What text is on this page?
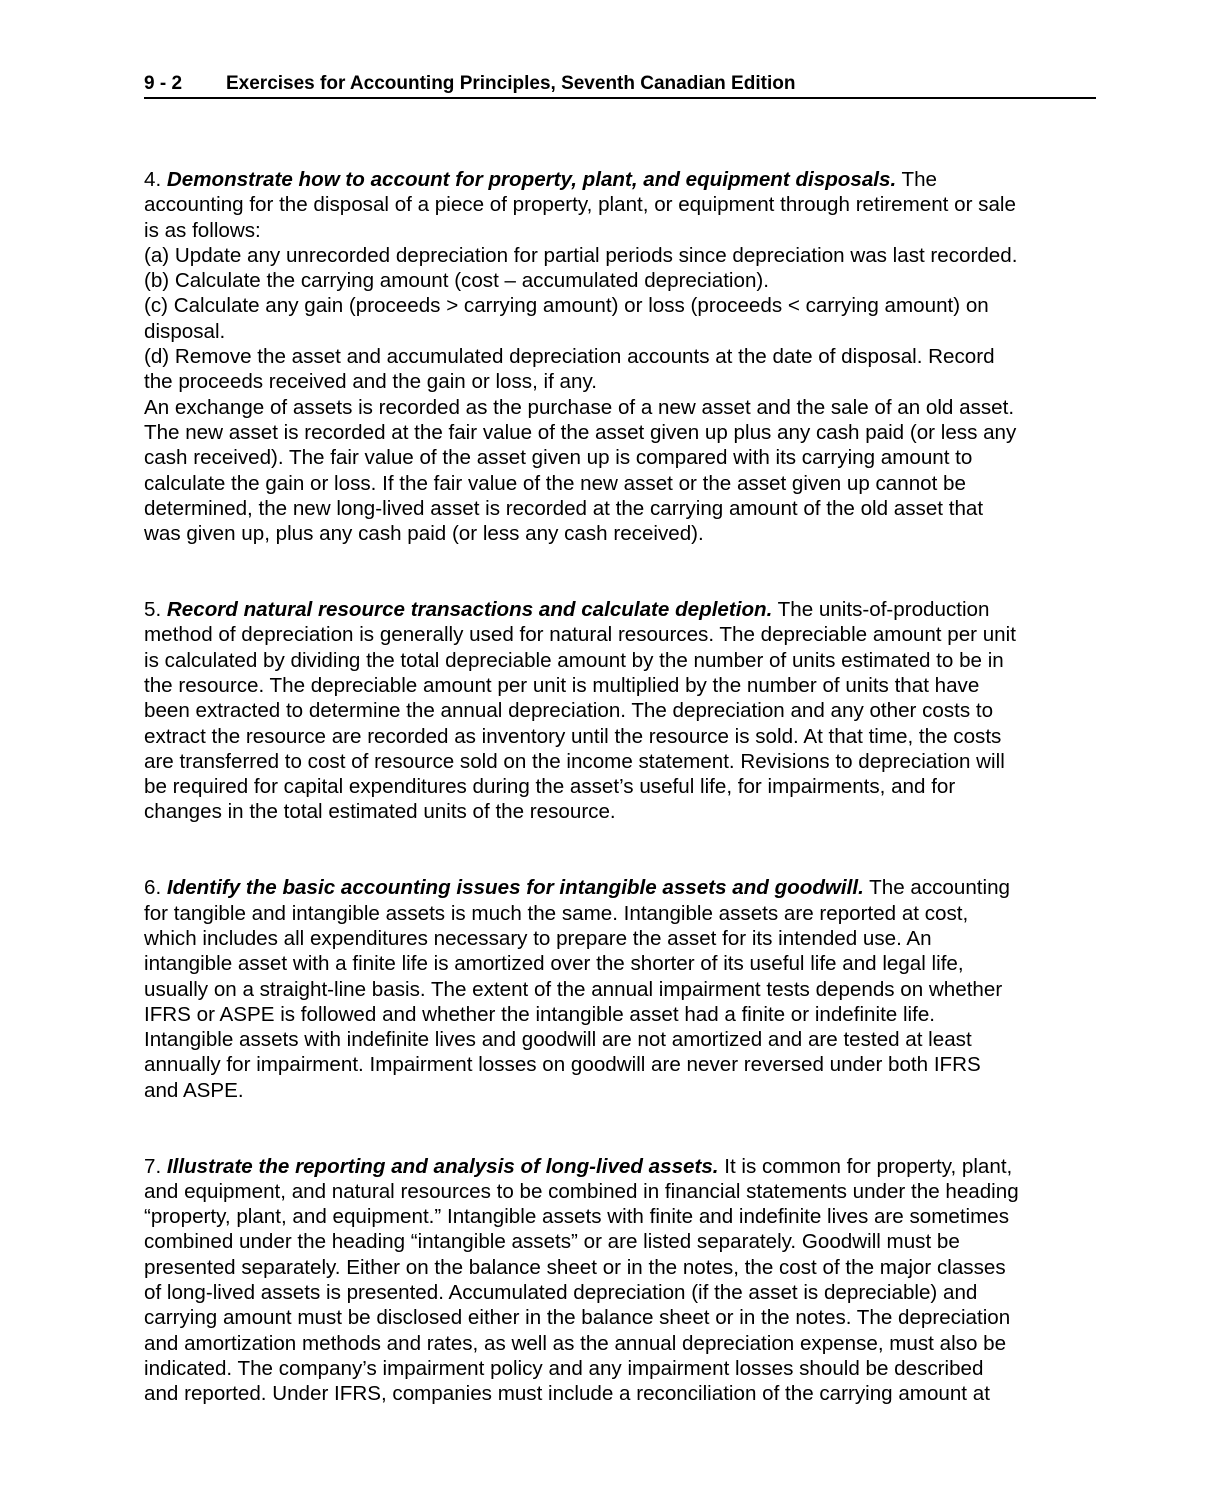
9 - 2 Exercises for Accounting Principles, Seventh Canadian Edition
4. Demonstrate how to account for property, plant, and equipment disposals. The
accounting for the disposal of a piece of property, plant, or equipment through retirement or sale
is as follows:
(a) Update any unrecorded depreciation for partial periods since depreciation was last recorded.
(b) Calculate the carrying amount (cost – accumulated depreciation).
(c) Calculate any gain (proceeds > carrying amount) or loss (proceeds < carrying amount) on
disposal.
(d) Remove the asset and accumulated depreciation accounts at the date of disposal. Record
the proceeds received and the gain or loss, if any.
An exchange of assets is recorded as the purchase of a new asset and the sale of an old asset.
The new asset is recorded at the fair value of the asset given up plus any cash paid (or less any
cash received). The fair value of the asset given up is compared with its carrying amount to
calculate the gain or loss. If the fair value of the new asset or the asset given up cannot be
determined, the new long-lived asset is recorded at the carrying amount of the old asset that
was given up, plus any cash paid (or less any cash received).
5. Record natural resource transactions and calculate depletion. The units-of-production
method of depreciation is generally used for natural resources. The depreciable amount per unit
is calculated by dividing the total depreciable amount by the number of units estimated to be in
the resource. The depreciable amount per unit is multiplied by the number of units that have
been extracted to determine the annual depreciation. The depreciation and any other costs to
extract the resource are recorded as inventory until the resource is sold. At that time, the costs
are transferred to cost of resource sold on the income statement. Revisions to depreciation will
be required for capital expenditures during the asset’s useful life, for impairments, and for
changes in the total estimated units of the resource.
6. Identify the basic accounting issues for intangible assets and goodwill. The accounting
for tangible and intangible assets is much the same. Intangible assets are reported at cost,
which includes all expenditures necessary to prepare the asset for its intended use. An
intangible asset with a finite life is amortized over the shorter of its useful life and legal life,
usually on a straight-line basis. The extent of the annual impairment tests depends on whether
IFRS or ASPE is followed and whether the intangible asset had a finite or indefinite life.
Intangible assets with indefinite lives and goodwill are not amortized and are tested at least
annually for impairment. Impairment losses on goodwill are never reversed under both IFRS
and ASPE.
7. Illustrate the reporting and analysis of long-lived assets. It is common for property, plant,
and equipment, and natural resources to be combined in financial statements under the heading
“property, plant, and equipment.” Intangible assets with finite and indefinite lives are sometimes
combined under the heading “intangible assets” or are listed separately. Goodwill must be
presented separately. Either on the balance sheet or in the notes, the cost of the major classes
of long-lived assets is presented. Accumulated depreciation (if the asset is depreciable) and
carrying amount must be disclosed either in the balance sheet or in the notes. The depreciation
and amortization methods and rates, as well as the annual depreciation expense, must also be
indicated. The company’s impairment policy and any impairment losses should be described
and reported. Under IFRS, companies must include a reconciliation of the carrying amount at
